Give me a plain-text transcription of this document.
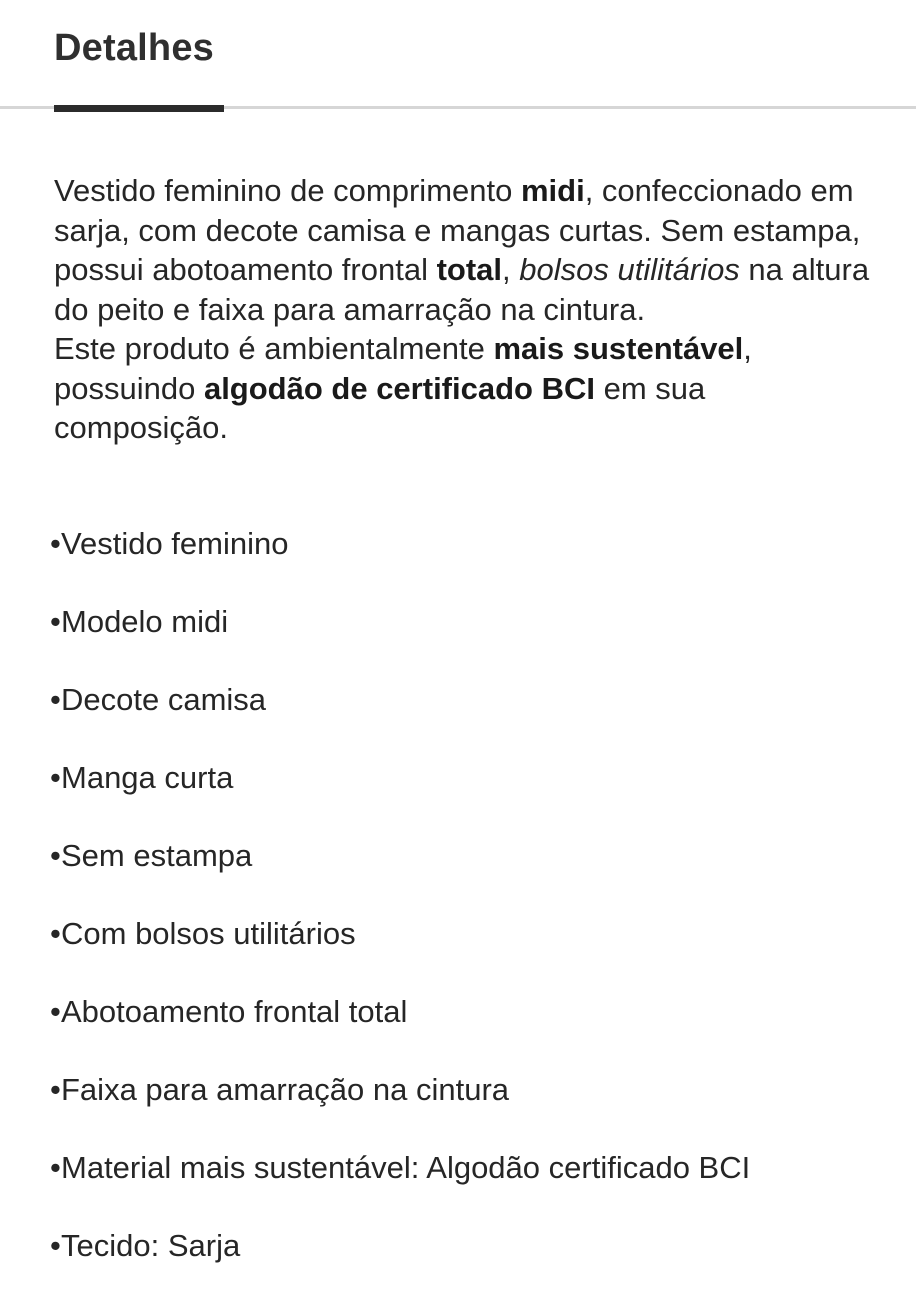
Detalhes

Vestido feminino de comprimento midi, confeccionado em sarja, com decote camisa e mangas curtas. Sem estampa, possui abotoamento frontal total, bolsos utilitários na altura do peito e faixa para amarração na cintura.
Este produto é ambientalmente mais sustentável, possuindo algodão de certificado BCI em sua composição.

•Vestido feminino
•Modelo midi
•Decote camisa
•Manga curta
•Sem estampa
•Com bolsos utilitários
•Abotoamento frontal total
•Faixa para amarração na cintura
•Material mais sustentável: Algodão certificado BCI
•Tecido: Sarja
